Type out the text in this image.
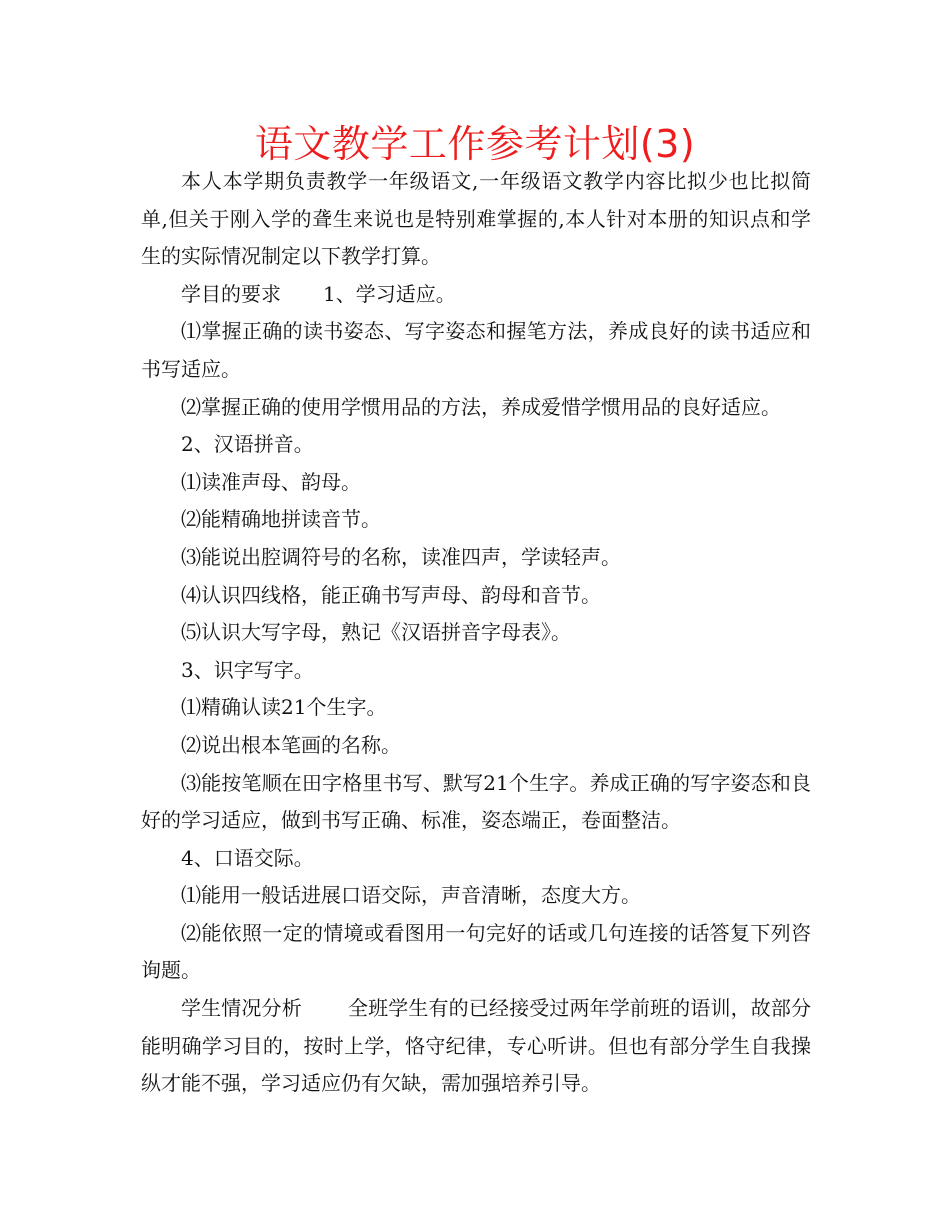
语文教学工作参考计划(3)

本人本学期负责教学一年级语文,一年级语文教学内容比拟少也比拟简单,但关于刚入学的聋生来说也是特别难掌握的,本人针对本册的知识点和学生的实际情况制定以下教学打算。

学目的要求 1、学习适应。

⑴掌握正确的读书姿态、写字姿态和握笔方法，养成良好的读书适应和书写适应。

⑵掌握正确的使用学惯用品的方法，养成爱惜学惯用品的良好适应。

2、汉语拼音。

⑴读准声母、韵母。

⑵能精确地拼读音节。

⑶能说出腔调符号的名称，读准四声，学读轻声。

⑷认识四线格，能正确书写声母、韵母和音节。

⑸认识大写字母，熟记《汉语拼音字母表》。

3、识字写字。

⑴精确认读21个生字。

⑵说出根本笔画的名称。

⑶能按笔顺在田字格里书写、默写21个生字。养成正确的写字姿态和良好的学习适应，做到书写正确、标准，姿态端正，卷面整洁。

4、口语交际。

⑴能用一般话进展口语交际，声音清晰，态度大方。

⑵能依照一定的情境或看图用一句完好的话或几句连接的话答复下列咨询题。

学生情况分析 全班学生有的已经接受过两年学前班的语训，故部分能明确学习目的，按时上学，恪守纪律，专心听讲。但也有部分学生自我操纵才能不强，学习适应仍有欠缺，需加强培养引导。
